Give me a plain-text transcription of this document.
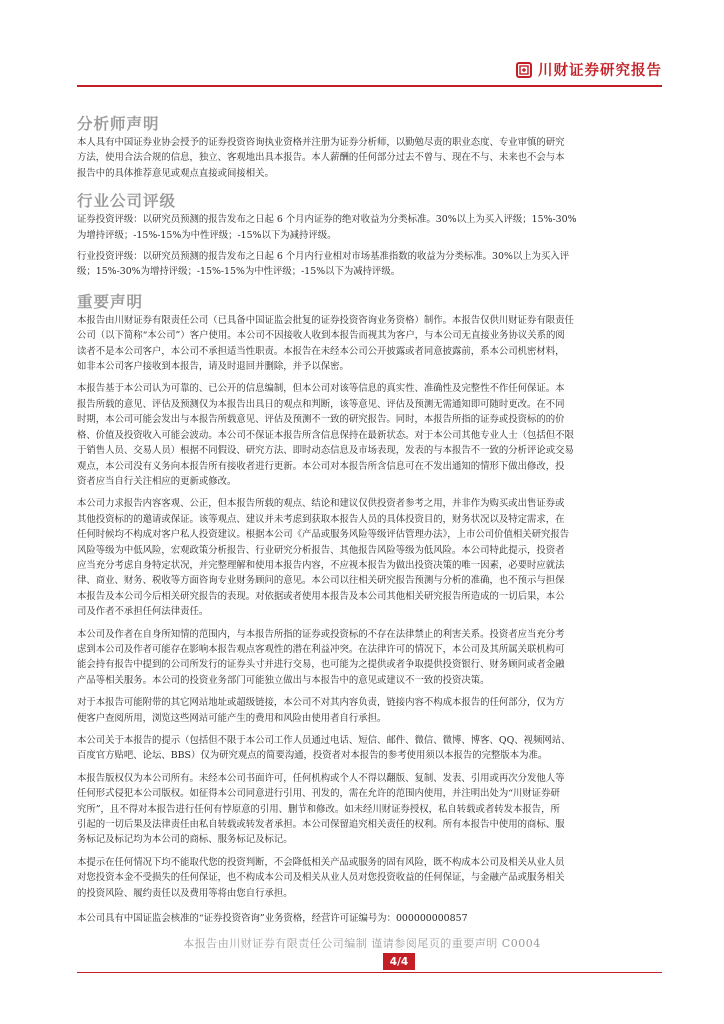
川财证券研究报告
分析师声明

本人具有中国证券业协会授予的证券投资咨询执业资格并注册为证券分析师，以勤勉尽责的职业态度、专业审慎的研究
方法，使用合法合规的信息，独立、客观地出具本报告。本人薪酬的任何部分过去不曾与、现在不与、未来也不会与本
报告中的具体推荐意见或观点直接或间接相关。

行业公司评级

证券投资评级：以研究员预测的报告发布之日起 6 个月内证券的绝对收益为分类标准。30%以上为买入评级；15%-30%
为增持评级；-15%-15%为中性评级；-15%以下为减持评级。

行业投资评级：以研究员预测的报告发布之日起 6 个月内行业相对市场基准指数的收益为分类标准。30%以上为买入评
级；15%-30%为增持评级；-15%-15%为中性评级；-15%以下为减持评级。

重要声明

本报告由川财证券有限责任公司（已具备中国证监会批复的证券投资咨询业务资格）制作。本报告仅供川财证券有限责任
公司（以下简称“本公司”）客户使用。本公司不因接收人收到本报告而视其为客户，与本公司无直接业务协议关系的阅
读者不是本公司客户，本公司不承担适当性职责。本报告在未经本公司公开披露或者同意披露前，系本公司机密材料，
如非本公司客户接收到本报告，请及时退回并删除，并予以保密。

本报告基于本公司认为可靠的、已公开的信息编制，但本公司对该等信息的真实性、准确性及完整性不作任何保证。本
报告所载的意见、评估及预测仅为本报告出具日的观点和判断，该等意见、评估及预测无需通知即可随时更改。在不同
时期，本公司可能会发出与本报告所载意见、评估及预测不一致的研究报告。同时，本报告所指的证券或投资标的的价
格、价值及投资收入可能会波动。本公司不保证本报告所含信息保持在最新状态。对于本公司其他专业人士（包括但不限
于销售人员、交易人员）根据不同假设、研究方法、即时动态信息及市场表现，发表的与本报告不一致的分析评论或交易
观点，本公司没有义务向本报告所有接收者进行更新。本公司对本报告所含信息可在不发出通知的情形下做出修改，投
资者应当自行关注相应的更新或修改。

本公司力求报告内容客观、公正，但本报告所载的观点、结论和建议仅供投资者参考之用，并非作为购买或出售证券或
其他投资标的的邀请或保证。该等观点、建议并未考虑到获取本报告人员的具体投资目的，财务状况以及特定需求，在
任何时候均不构成对客户私人投资建议。根据本公司《产品或服务风险等级评估管理办法》，上市公司价值相关研究报告
风险等级为中低风险，宏观政策分析报告、行业研究分析报告、其他报告风险等级为低风险。本公司特此提示，投资者
应当充分考虑自身特定状况，并完整理解和使用本报告内容，不应视本报告为做出投资决策的唯一因素，必要时应就法
律、商业、财务、税收等方面咨询专业财务顾问的意见。本公司以往相关研究报告预测与分析的准确，也不预示与担保
本报告及本公司今后相关研究报告的表现。对依据或者使用本报告及本公司其他相关研究报告所造成的一切后果，本公
司及作者不承担任何法律责任。

本公司及作者在自身所知情的范围内，与本报告所指的证券或投资标的不存在法律禁止的利害关系。投资者应当充分考
虑到本公司及作者可能存在影响本报告观点客观性的潜在利益冲突。在法律许可的情况下，本公司及其所属关联机构可
能会持有报告中提到的公司所发行的证券头寸并进行交易，也可能为之提供或者争取提供投资银行、财务顾问或者金融
产品等相关服务。本公司的投资业务部门可能独立做出与本报告中的意见或建议不一致的投资决策。

对于本报告可能附带的其它网站地址或超级链接，本公司不对其内容负责，链接内容不构成本报告的任何部分，仅为方
便客户查阅所用，浏览这些网站可能产生的费用和风险由使用者自行承担。

本公司关于本报告的提示（包括但不限于本公司工作人员通过电话、短信、邮件、微信、微博、博客、QQ、视频网站、
百度官方贴吧、论坛、BBS）仅为研究观点的简要沟通，投资者对本报告的参考使用须以本报告的完整版本为准。

本报告版权仅为本公司所有。未经本公司书面许可，任何机构或个人不得以翻版、复制、发表、引用或再次分发他人等
任何形式侵犯本公司版权。如征得本公司同意进行引用、刊发的，需在允许的范围内使用，并注明出处为“川财证券研
究所”，且不得对本报告进行任何有悖原意的引用、删节和修改。如未经川财证券授权，私自转载或者转发本报告，所
引起的一切后果及法律责任由私自转载或转发者承担。本公司保留追究相关责任的权利。所有本报告中使用的商标、服
务标记及标记均为本公司的商标、服务标记及标记。

本提示在任何情况下均不能取代您的投资判断，不会降低相关产品或服务的固有风险，既不构成本公司及相关从业人员
对您投资本金不受损失的任何保证，也不构成本公司及相关从业人员对您投资收益的任何保证，与金融产品或服务相关
的投资风险、履约责任以及费用等将由您自行承担。

本公司具有中国证监会核准的“证券投资咨询”业务资格，经营许可证编号为：000000000857

本报告由川财证券有限责任公司编制 谨请参阅尾页的重要声明 C0004
4/4
